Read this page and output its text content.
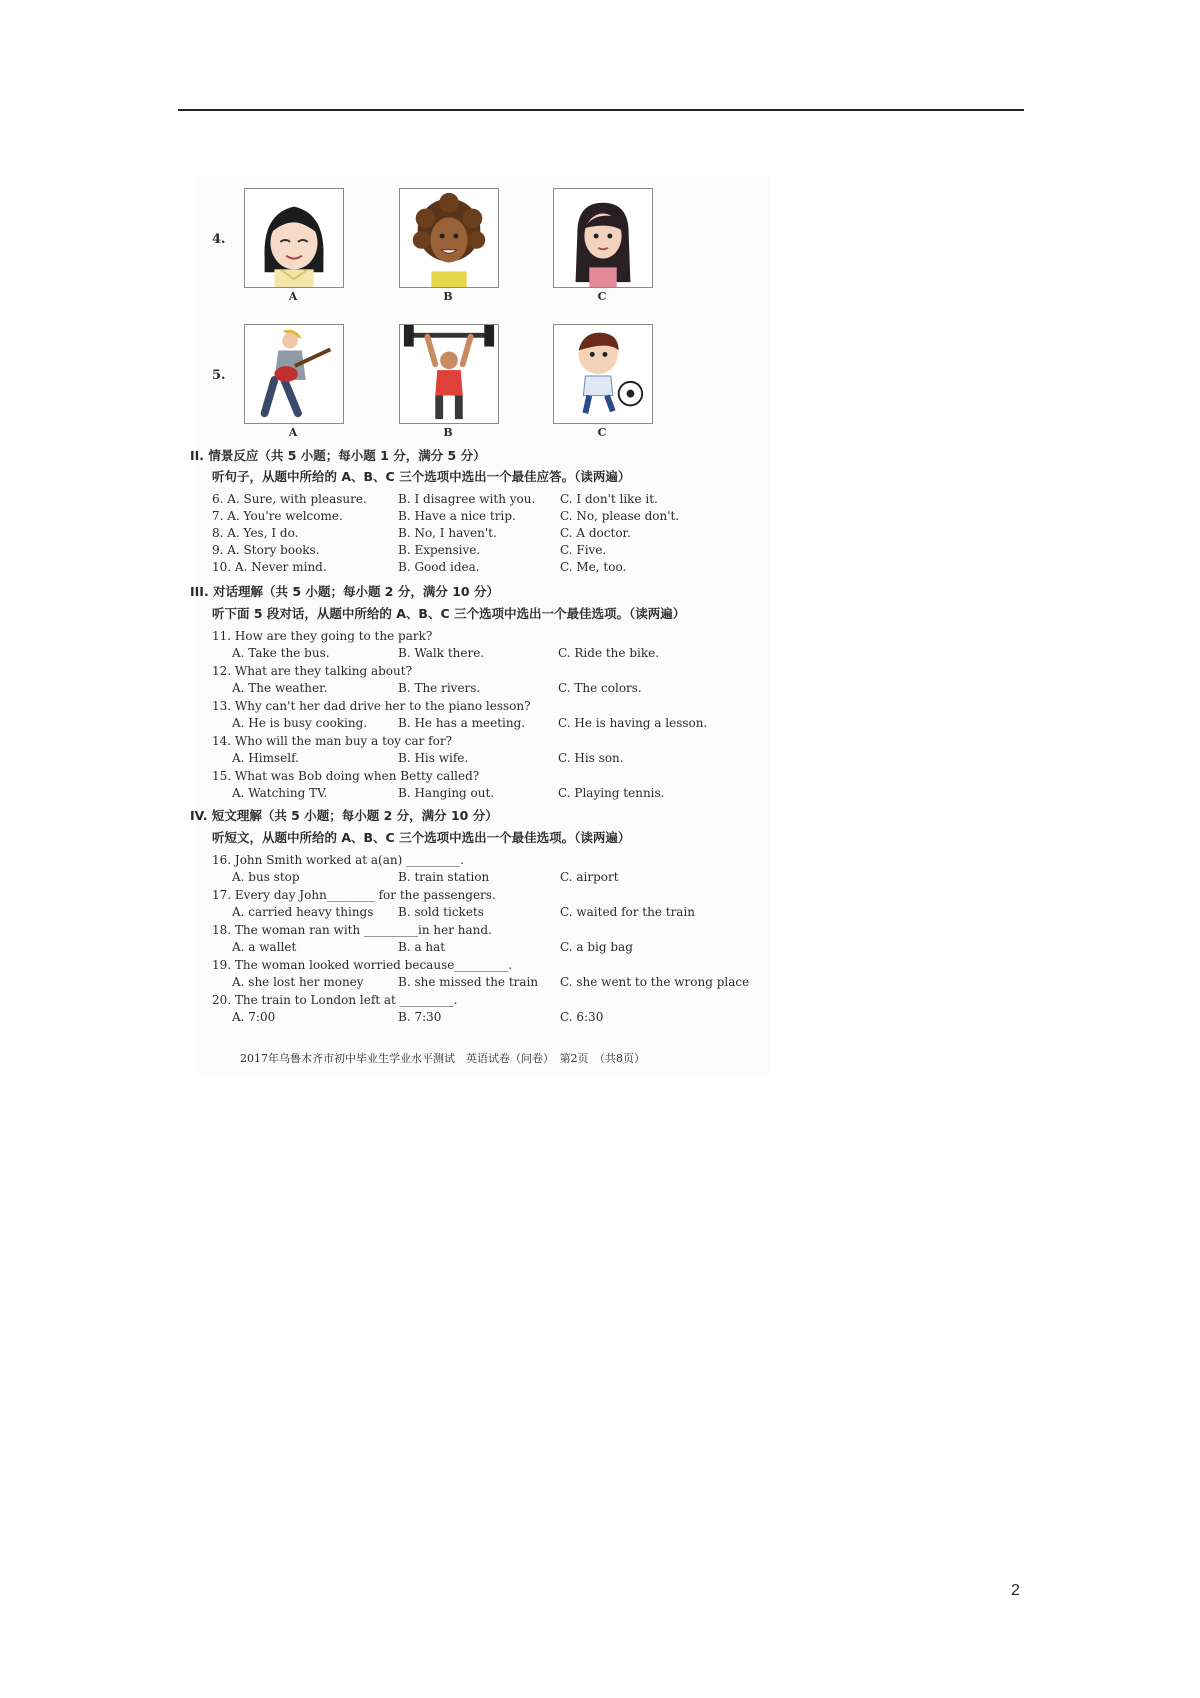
4.
A	B	C
5.
A	B	C
II. 情景反应（共 5 小题；每小题 1 分，满分 5 分）
听句子，从题中所给的 A、B、C 三个选项中选出一个最佳应答。（读两遍）
6. A. Sure, with pleasure.	B. I disagree with you. C. I don't like it.
7. A. You're welcome.	B. Have a nice trip.	C. No, please don't.
8. A. Yes, I do.	B. No, I haven't.	C. A doctor.
9. A. Story books.	B. Expensive.	C. Five.
10. A. Never mind.	B. Good idea.	C. Me, too.
III. 对话理解（共 5 小题；每小题 2 分，满分 10 分）
听下面 5 段对话，从题中所给的 A、B、C 三个选项中选出一个最佳选项。（读两遍）
11. How are they going to the park?
A. Take the bus.	B. Walk there.	C. Ride the bike.
12. What are they talking about?
A. The weather.	B. The rivers.	C. The colors.
13. Why can't her dad drive her to the piano lesson?
A. He is busy cooking.	B. He has a meeting.	C. He is having a lesson.
14. Who will the man buy a toy car for?
A. Himself.	B. His wife.	C. His son.
15. What was Bob doing when Betty called?
A. Watching TV.	B. Hanging out.	C. Playing tennis.
IV. 短文理解（共 5 小题；每小题 2 分，满分 10 分）
听短文，从题中所给的 A、B、C 三个选项中选出一个最佳选项。（读两遍）
16. John Smith worked at a(an) _________.
A. bus stop	B. train station	C. airport
17. Every day John________ for the passengers.
A. carried heavy things B. sold tickets	C. waited for the train
18. The woman ran with _________in her hand.
A. a wallet	B. a hat	C. a big bag
19. The woman looked worried because_________.
A. she lost her money	B. she missed the train C. she went to the wrong place
20. The train to London left at _________.
A. 7:00	B. 7:30	C. 6:30
2017年乌鲁木齐市初中毕业生学业水平测试　英语试卷（问卷）　第2页　（共8页）
2
